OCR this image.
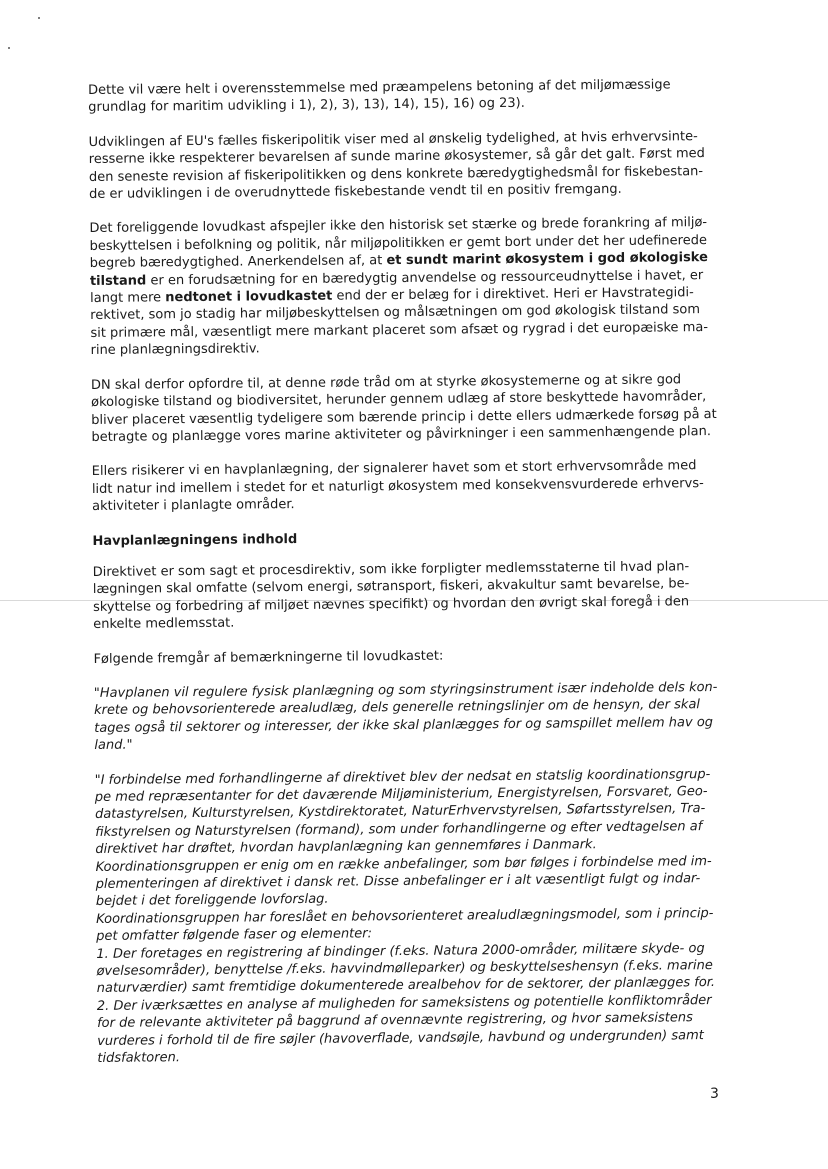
Dette vil være helt i overensstemmelse med præampelens betoning af det miljømæssige
grundlag for maritim udvikling i 1), 2), 3), 13), 14), 15), 16) og 23).

Udviklingen af EU's fælles fiskeripolitik viser med al ønskelig tydelighed, at hvis erhvervsinte-
resserne ikke respekterer bevarelsen af sunde marine økosystemer, så går det galt. Først med
den seneste revision af fiskeripolitikken og dens konkrete bæredygtighedsmål for fiskebestan-
de er udviklingen i de overudnyttede fiskebestande vendt til en positiv fremgang.

Det foreliggende lovudkast afspejler ikke den historisk set stærke og brede forankring af miljø-
beskyttelsen i befolkning og politik, når miljøpolitikken er gemt bort under det her udefinerede
begreb bæredygtighed. Anerkendelsen af, at et sundt marint økosystem i god økologiske
tilstand er en forudsætning for en bæredygtig anvendelse og ressourceudnyttelse i havet, er
langt mere nedtonet i lovudkastet end der er belæg for i direktivet. Heri er Havstrategidi-
rektivet, som jo stadig har miljøbeskyttelsen og målsætningen om god økologisk tilstand som
sit primære mål, væsentligt mere markant placeret som afsæt og rygrad i det europæiske ma-
rine planlægningsdirektiv.

DN skal derfor opfordre til, at denne røde tråd om at styrke økosystemerne og at sikre god
økologiske tilstand og biodiversitet, herunder gennem udlæg af store beskyttede havområder,
bliver placeret væsentlig tydeligere som bærende princip i dette ellers udmærkede forsøg på at
betragte og planlægge vores marine aktiviteter og påvirkninger i een sammenhængende plan.

Ellers risikerer vi en havplanlægning, der signalerer havet som et stort erhvervsområde med
lidt natur ind imellem i stedet for et naturligt økosystem med konsekvensvurderede erhvervs-
aktiviteter i planlagte områder.

Havplanlægningens indhold

Direktivet er som sagt et procesdirektiv, som ikke forpligter medlemsstaterne til hvad plan-
lægningen skal omfatte (selvom energi, søtransport, fiskeri, akvakultur samt bevarelse, be-
skyttelse og forbedring af miljøet nævnes specifikt) og hvordan den øvrigt skal foregå i den
enkelte medlemsstat.

Følgende fremgår af bemærkningerne til lovudkastet:

"Havplanen vil regulere fysisk planlægning og som styringsinstrument især indeholde dels kon-
krete og behovsorienterede arealudlæg, dels generelle retningslinjer om de hensyn, der skal
tages også til sektorer og interesser, der ikke skal planlægges for og samspillet mellem hav og
land."

"I forbindelse med forhandlingerne af direktivet blev der nedsat en statslig koordinationsgrup-
pe med repræsentanter for det daværende Miljøministerium, Energistyrelsen, Forsvaret, Geo-
datastyrelsen, Kulturstyrelsen, Kystdirektoratet, NaturErhvervstyrelsen, Søfartsstyrelsen, Tra-
fikstyrelsen og Naturstyrelsen (formand), som under forhandlingerne og efter vedtagelsen af
direktivet har drøftet, hvordan havplanlægning kan gennemføres i Danmark.
Koordinationsgruppen er enig om en række anbefalinger, som bør følges i forbindelse med im-
plementeringen af direktivet i dansk ret. Disse anbefalinger er i alt væsentligt fulgt og indar-
bejdet i det foreliggende lovforslag.
Koordinationsgruppen har foreslået en behovsorienteret arealudlægningsmodel, som i princip-
pet omfatter følgende faser og elementer:
1. Der foretages en registrering af bindinger (f.eks. Natura 2000-områder, militære skyde- og
øvelsesområder), benyttelse /f.eks. havvindmølleparker) og beskyttelseshensyn (f.eks. marine
naturværdier) samt fremtidige dokumenterede arealbehov for de sektorer, der planlægges for.
2. Der iværksættes en analyse af muligheden for sameksistens og potentielle konfliktområder
for de relevante aktiviteter på baggrund af ovennævnte registrering, og hvor sameksistens
vurderes i forhold til de fire søjler (havoverflade, vandsøjle, havbund og undergrunden) samt
tidsfaktoren.

3
